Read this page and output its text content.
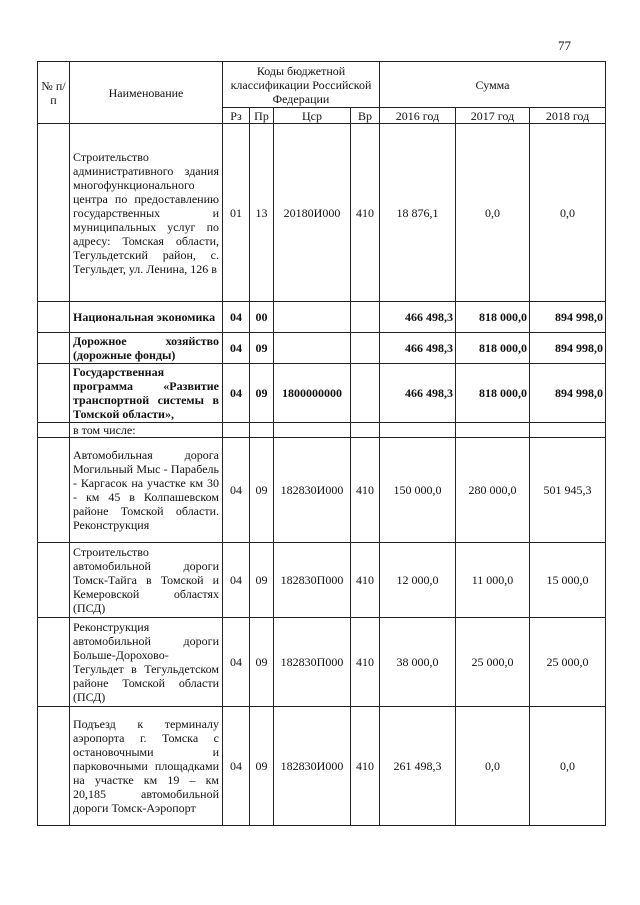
77
№ п/п	Наименование	Коды бюджетной классификации Российской Федерации				Сумма		
		Рз	Пр	Цср	Вр	2016 год	2017 год	2018 год
	Строительство административного здания многофункционального центра по предоставлению государственных и муниципальных услуг по адресу: Томская области, Тегульдетский район, с. Тегульдет, ул. Ленина, 126 в	01	13	20180И000	410	18 876,1	0,0	0,0
	Национальная экономика	04	00			466 498,3	818 000,0	894 998,0
	Дорожное хозяйство (дорожные фонды)	04	09			466 498,3	818 000,0	894 998,0
	Государственная программа «Развитие транспортной системы в Томской области»,	04	09	1800000000		466 498,3	818 000,0	894 998,0
	в том числе:							
	Автомобильная дорога Могильный Мыс - Парабель - Каргасок на участке км 30 - км 45 в Колпашевском районе Томской области. Реконструкция	04	09	182830И000	410	150 000,0	280 000,0	501 945,3
	Строительство автомобильной дороги Томск-Тайга в Томской и Кемеровской областях (ПСД)	04	09	182830П000	410	12 000,0	11 000,0	15 000,0
	Реконструкция автомобильной дороги Больше-Дорохово-Тегульдет в Тегульдетском районе Томской области (ПСД)	04	09	182830П000	410	38 000,0	25 000,0	25 000,0
	Подъезд к терминалу аэропорта г. Томска с остановочными и парковочными площадками на участке км 19 – км 20,185 автомобильной дороги Томск-Аэропорт	04	09	182830И000	410	261 498,3	0,0	0,0
